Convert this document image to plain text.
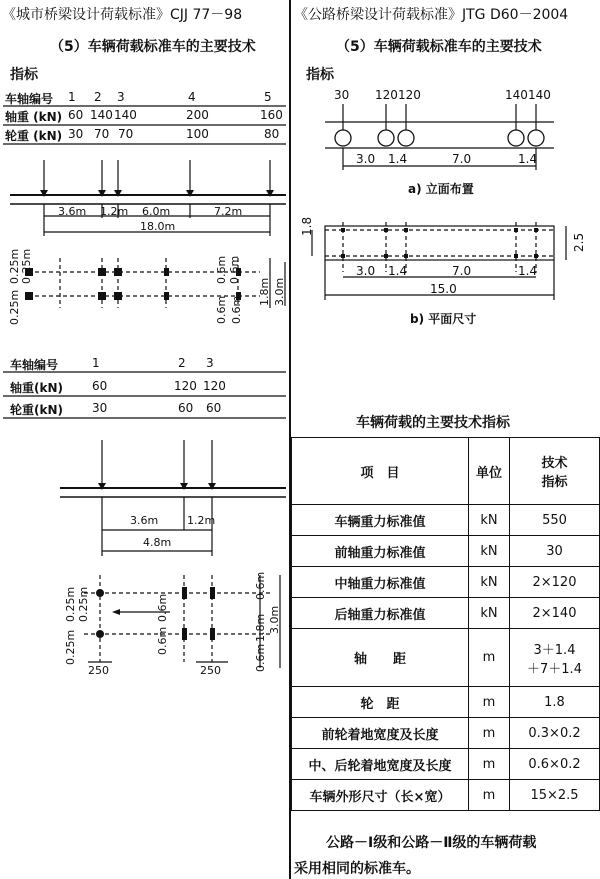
《城市桥梁设计荷载标准》CJJ 77－98
（5）车辆荷载标准车的主要技术
指标
车轴编号 1 2 3	4	5
轴重 (kN) 60 140 140	200	160
轮重 (kN) 30 70 70	100	80
3.6m 1.2m 6.0m	7.2m
18.0m
0.25m 0.25m
0.25m
0.6m 0.6m
0.6m 0.6m
1.8m 3.0m
车轴编号	1	2 3
轴重(kN) 60	120 120
轮重(kN) 30	60 60
3.6m	1.2m
4.8m
0.25m 0.25m
0.25m
0.6m
0.6m
0.6m
0.6m
1.8m 3.0m
250	250
《公路桥梁设计荷载标准》JTG D60－2004
（5）车辆荷载标准车的主要技术
指标
30 120 120	140 140
3.0 1.4	7.0	1.4
a) 立面布置
1.8
2.5
3.0 1.4	7.0	1.4
15.0
b) 平面尺寸
车辆荷载的主要技术指标
项　目	单位	技术
指标

车辆重力标准值	kN	550
前轴重力标准值	kN	30
中轴重力标准值	kN	2×120
后轴重力标准值	kN	2×140
轴　　距	m	3＋1.4
＋7＋1.4

轮　距	m	1.8
前轮着地宽度及长度	m	0.3×0.2
中、后轮着地宽度及长度	m	0.6×0.2
车辆外形尺寸（长×宽）	m	15×2.5
公路－Ⅰ级和公路－Ⅱ级的车辆荷载
采用相同的标准车。
